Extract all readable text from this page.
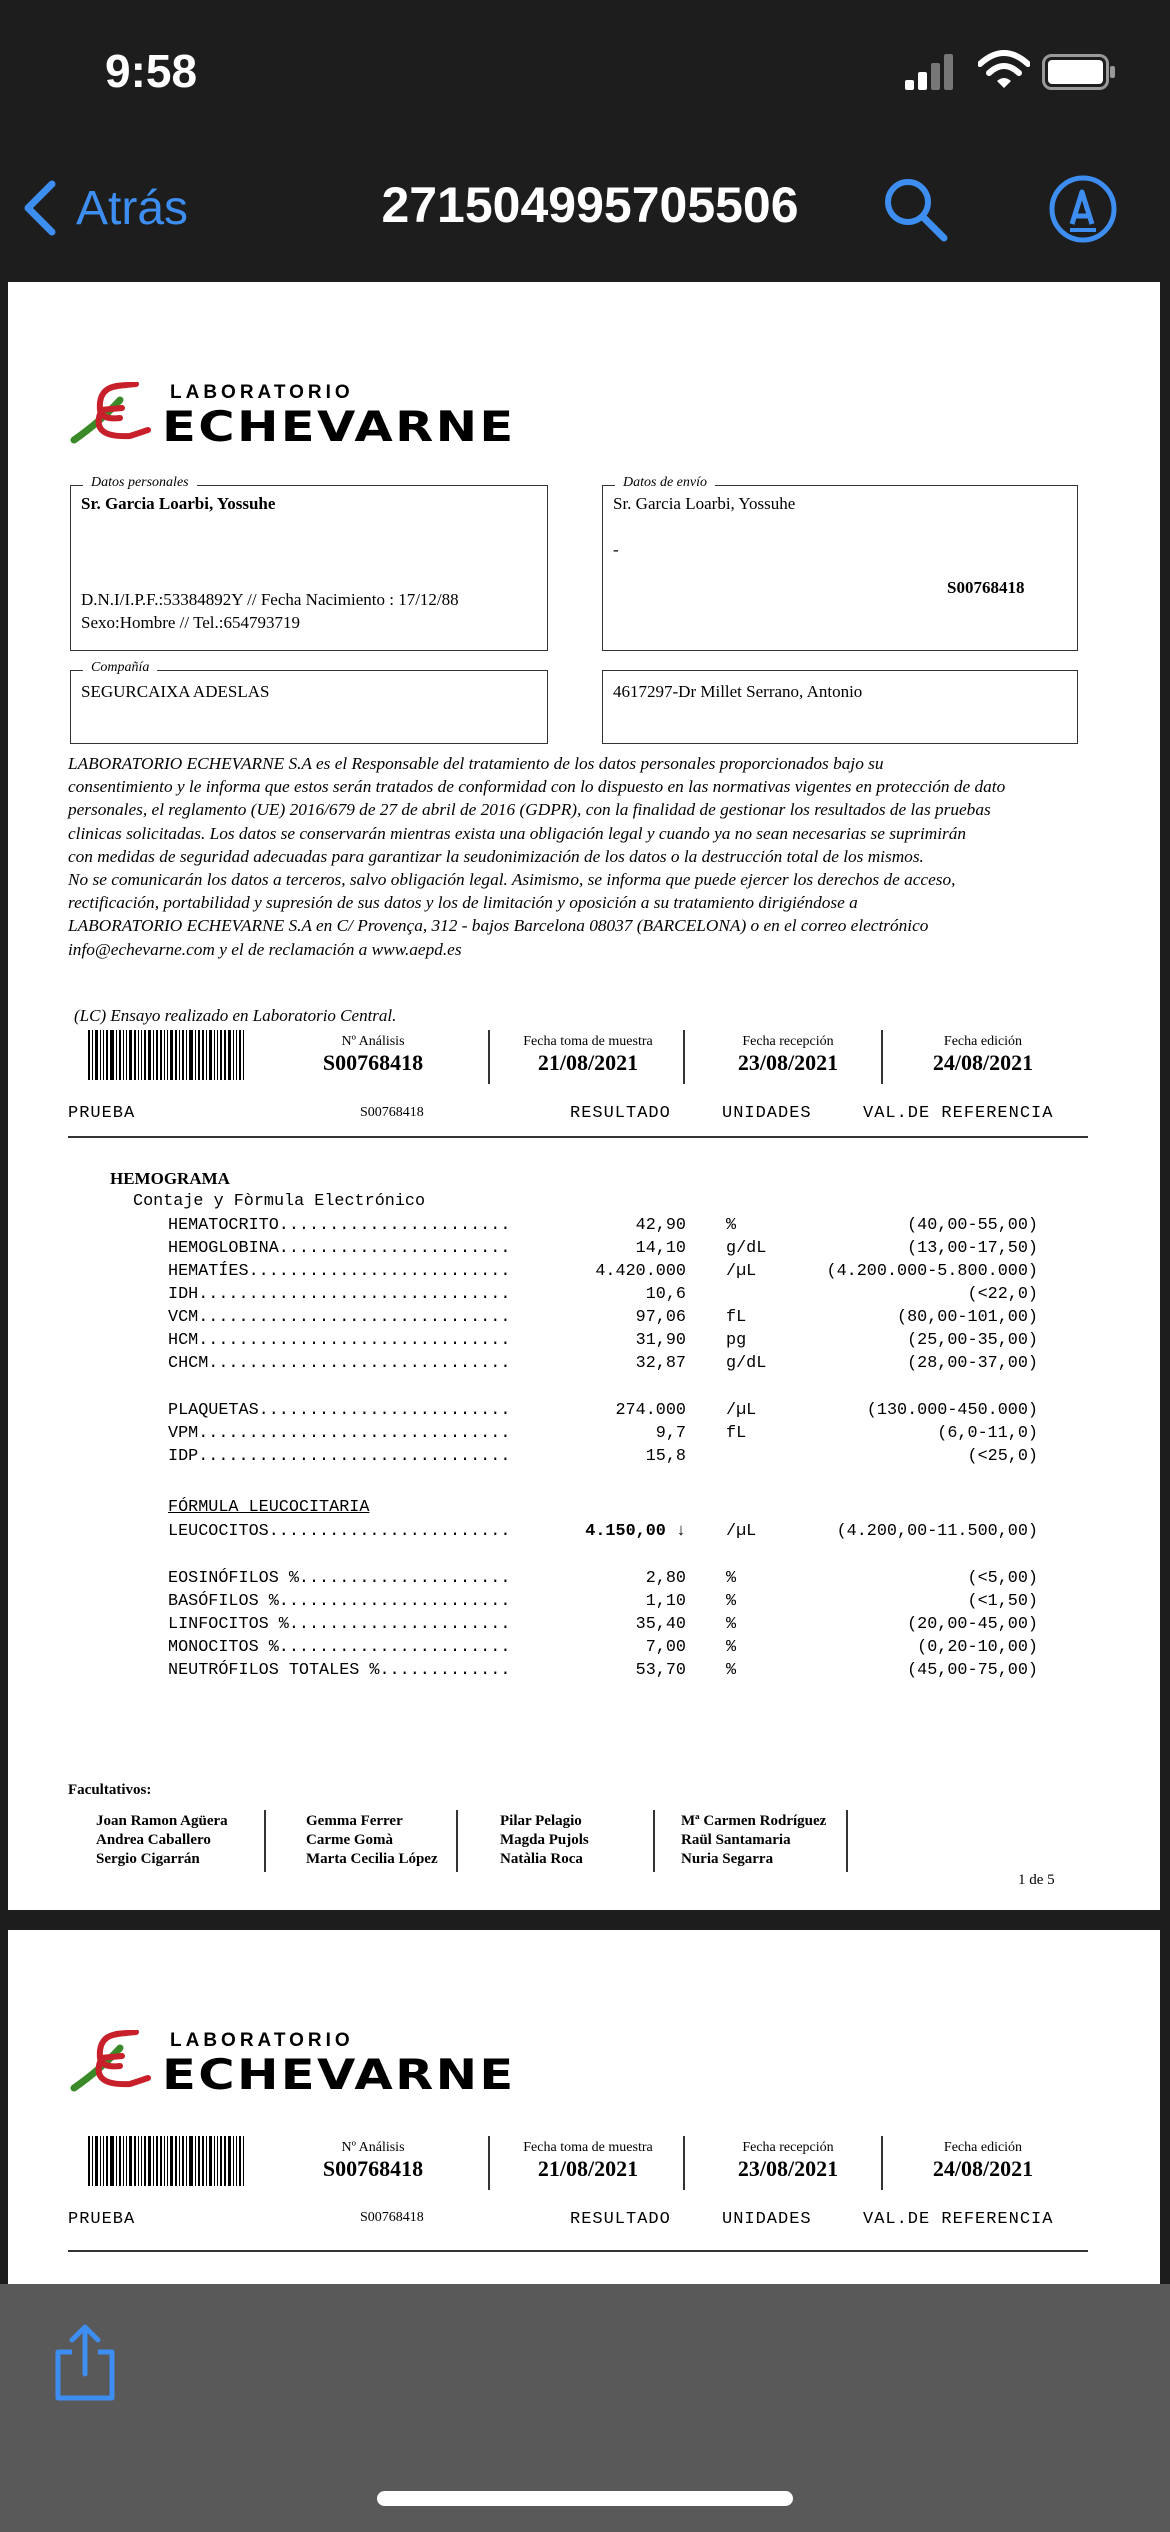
9:58
Atrás	271504995705506
LABORATORIO
ECHEVARNE
Datos personales
Sr. Garcia Loarbi, Yossuhe
D.N.I/I.P.F.:53384892Y // Fecha Nacimiento : 17/12/88
Sexo:Hombre // Tel.:654793719
Datos de envío
Sr. Garcia Loarbi, Yossuhe
-
S00768418
Compañía
SEGURCAIXA ADESLAS	4617297-Dr Millet Serrano, Antonio
LABORATORIO ECHEVARNE S.A es el Responsable del tratamiento de los datos personales proporcionados bajo su
consentimiento y le informa que estos serán tratados de conformidad con lo dispuesto en las normativas vigentes en protección de dato
personales, el reglamento (UE) 2016/679 de 27 de abril de 2016 (GDPR), con la finalidad de gestionar los resultados de las pruebas
clinicas solicitadas. Los datos se conservarán mientras exista una obligación legal y cuando ya no sean necesarias se suprimirán
con medidas de seguridad adecuadas para garantizar la seudonimización de los datos o la destrucción total de los mismos.
No se comunicarán los datos a terceros, salvo obligación legal. Asimismo, se informa que puede ejercer los derechos de acceso,
rectificación, portabilidad y supresión de sus datos y los de limitación y oposición a su tratamiento dirigiéndose a
LABORATORIO ECHEVARNE S.A en C/ Provença, 312 - bajos Barcelona 08037 (BARCELONA) o en el correo electrónico
info@echevarne.com y el de reclamación a www.aepd.es
(LC) Ensayo realizado en Laboratorio Central.
Nº Análisis
S00768418
Fecha toma de muestra
21/08/2021
Fecha recepción
23/08/2021
Fecha edición
24/08/2021
PRUEBA	S00768418	RESULTADO	UNIDADES	VAL.DE REFERENCIA
HEMOGRAMA
Contaje y Fòrmula Electrónico
FÓRMULA LEUCOCITARIA
HEMATOCRITO.......................	42,90 %	(40,00-55,00)
HEMOGLOBINA.......................	14,10 g/dL	(13,00-17,50)
HEMATÍES..........................	4.420.000 /µL	(4.200.000-5.800.000)
IDH...............................	10,6	(<22,0)
VCM...............................	97,06 fL	(80,00-101,00)
HCM...............................	31,90 pg	(25,00-35,00)
CHCM..............................	32,87 g/dL	(28,00-37,00)
PLAQUETAS.........................	274.000 /µL	(130.000-450.000)
VPM...............................	9,7 fL	(6,0-11,0)
IDP...............................	15,8	(<25,0)
LEUCOCITOS........................	4.150,00 ↓ /µL	(4.200,00-11.500,00)
EOSINÓFILOS %.....................	2,80 %	(<5,00)
BASÓFILOS %.......................	1,10 %	(<1,50)
LINFOCITOS %......................	35,40 %	(20,00-45,00)
MONOCITOS %.......................	7,00 %	(0,20-10,00)
NEUTRÓFILOS TOTALES %.............	53,70 %	(45,00-75,00)
Facultativos:
Joan Ramon Agüera
Andrea Caballero
Sergio Cigarrán
Gemma Ferrer
Carme Gomà
Marta Cecilia López
Pilar Pelagio
Magda Pujols
Natàlia Roca
Mª Carmen Rodríguez
Raül Santamaria
Nuria Segarra
1 de 5
LABORATORIO
ECHEVARNE
Nº Análisis
S00768418
Fecha toma de muestra
21/08/2021
Fecha recepción
23/08/2021
Fecha edición
24/08/2021
PRUEBA	S00768418	RESULTADO	UNIDADES	VAL.DE REFERENCIA
